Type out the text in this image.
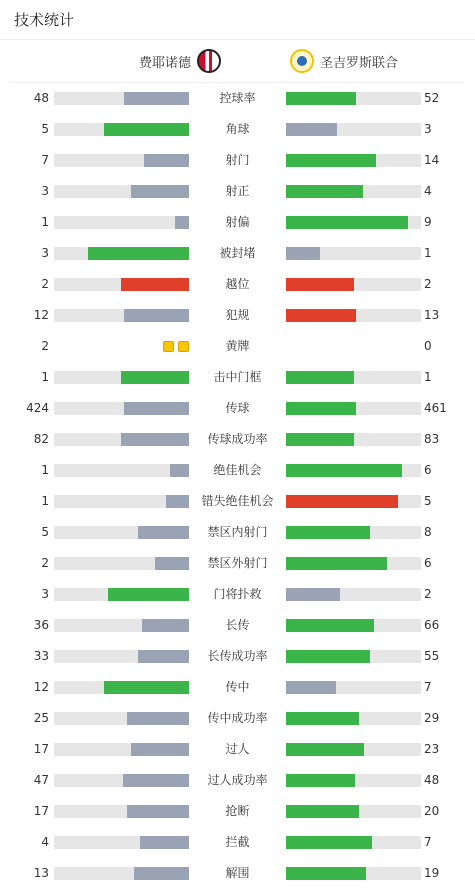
技术统计
费耶诺德	圣吉罗斯联合
48	控球率	52
5	角球	3
7	射门	14
3	射正	4
1	射偏	9
3	被封堵	1
2	越位	2
12	犯规	13
2	黄牌	0
1	击中门框	1
424	传球	461
82	传球成功率	83
1	绝佳机会	6
1	错失绝佳机会	5
5	禁区内射门	8
2	禁区外射门	6
3	门将扑救	2
36	长传	66
33	长传成功率	55
12	传中	7
25	传中成功率	29
17	过人	23
47	过人成功率	48
17	抢断	20
4	拦截	7
13	解围	19
